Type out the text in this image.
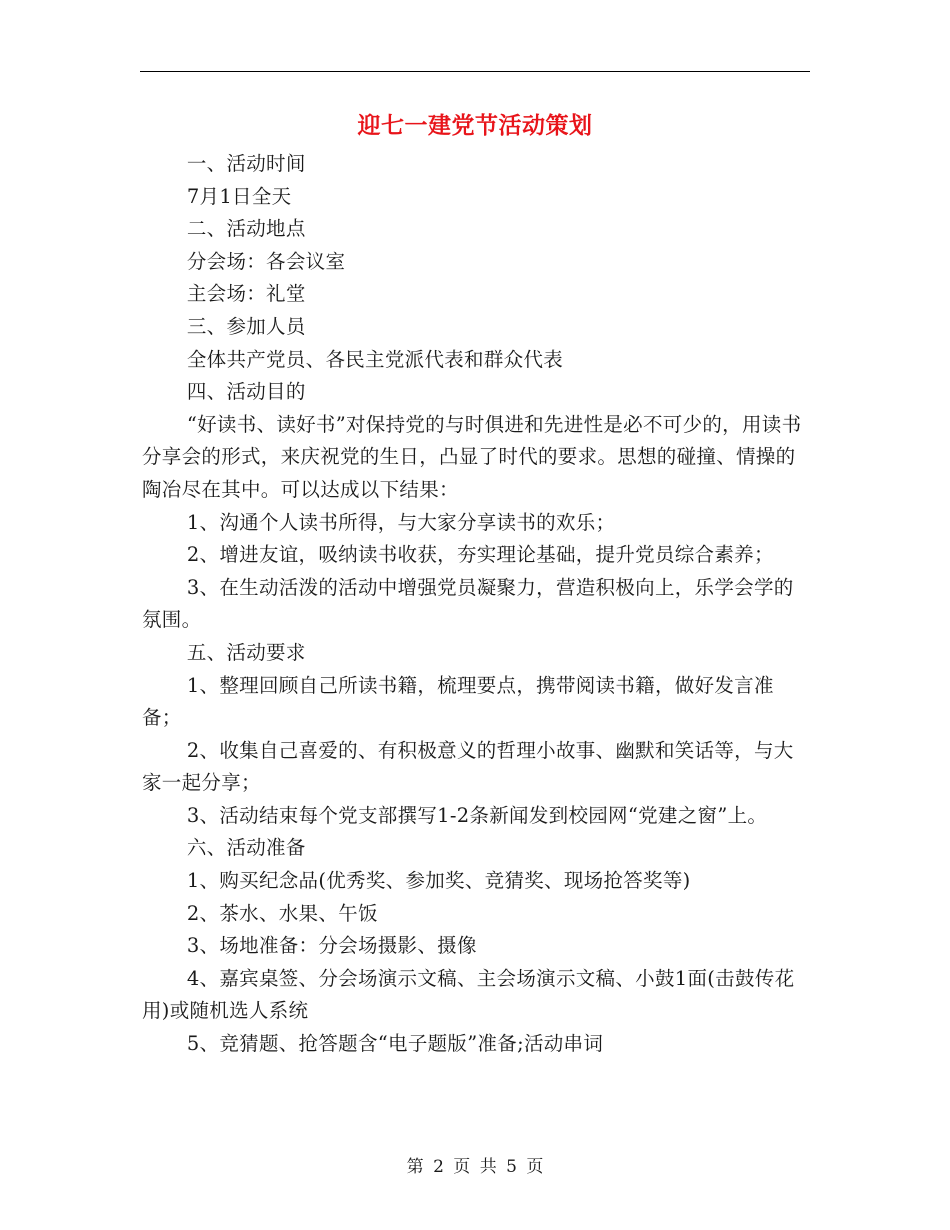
迎七一建党节活动策划

一、活动时间

7月1日全天

二、活动地点

分会场：各会议室

主会场：礼堂

三、参加人员

全体共产党员、各民主党派代表和群众代表

四、活动目的

“好读书、读好书”对保持党的与时俱进和先进性是必不可少的，用读书分享会的形式，来庆祝党的生日，凸显了时代的要求。思想的碰撞、情操的陶冶尽在其中。可以达成以下结果：

1、沟通个人读书所得，与大家分享读书的欢乐；

2、增进友谊，吸纳读书收获，夯实理论基础，提升党员综合素养；

3、在生动活泼的活动中增强党员凝聚力，营造积极向上，乐学会学的氛围。

五、活动要求

1、整理回顾自己所读书籍，梳理要点，携带阅读书籍，做好发言准备；

2、收集自己喜爱的、有积极意义的哲理小故事、幽默和笑话等，与大家一起分享；

3、活动结束每个党支部撰写1-2条新闻发到校园网“党建之窗”上。

六、活动准备

1、购买纪念品(优秀奖、参加奖、竞猜奖、现场抢答奖等)

2、茶水、水果、午饭

3、场地准备：分会场摄影、摄像

4、嘉宾桌签、分会场演示文稿、主会场演示文稿、小鼓1面(击鼓传花用)或随机选人系统

5、竞猜题、抢答题含“电子题版”准备;活动串词

第 2 页 共 5 页
